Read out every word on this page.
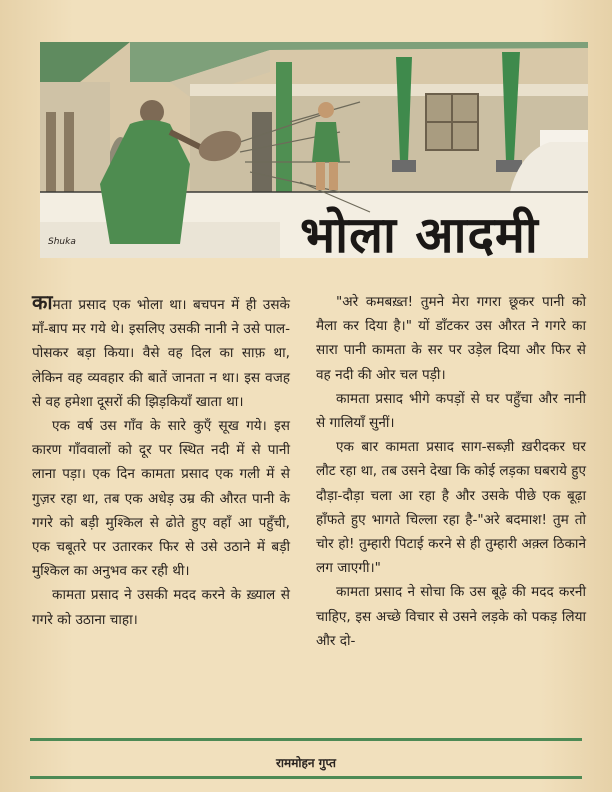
Shuka	भोला आदमी

कामता प्रसाद एक भोला था। बचपन में ही उसके माँ-बाप मर गये थे। इसलिए उसकी नानी ने उसे पाल-पोसकर बड़ा किया। वैसे वह दिल का साफ़ था, लेकिन वह व्यवहार की बातें जानता न था। इस वजह से वह हमेशा दूसरों की झिड़कियाँ खाता था।

एक वर्ष उस गाँव के सारे कुएँ सूख गये। इस कारण गाँववालों को दूर पर स्थित नदी में से पानी लाना पड़ा। एक दिन कामता प्रसाद एक गली में से गुज़र रहा था, तब एक अधेड़ उम्र की औरत पानी के गगरे को बड़ी मुश्किल से ढोते हुए वहाँ आ पहुँची, एक चबूतरे पर उतारकर फिर से उसे उठाने में बड़ी मुश्किल का अनुभव कर रही थी।

कामता प्रसाद ने उसकी मदद करने के ख़्याल से गगरे को उठाना चाहा।

"अरे कमबख़्त! तुमने मेरा गगरा छूकर पानी को मैला कर दिया है।" यों डाँटकर उस औरत ने गगरे का सारा पानी कामता के सर पर उड़ेल दिया और फिर से वह नदी की ओर चल पड़ी।

कामता प्रसाद भीगे कपड़ों से घर पहुँचा और नानी से गालियाँ सुनीं।

एक बार कामता प्रसाद साग-सब्ज़ी ख़रीदकर घर लौट रहा था, तब उसने देखा कि कोई लड़का घबराये हुए दौड़ा-दौड़ा चला आ रहा है और उसके पीछे एक बूढ़ा हाँफते हुए भागते चिल्ला रहा है-"अरे बदमाश! तुम तो चोर हो! तुम्हारी पिटाई करने से ही तुम्हारी अक़्ल ठिकाने लग जाएगी।"

कामता प्रसाद ने सोचा कि उस बूढ़े की मदद करनी चाहिए, इस अच्छे विचार से उसने लड़के को पकड़ लिया और दो-

राममोहन गुप्त
